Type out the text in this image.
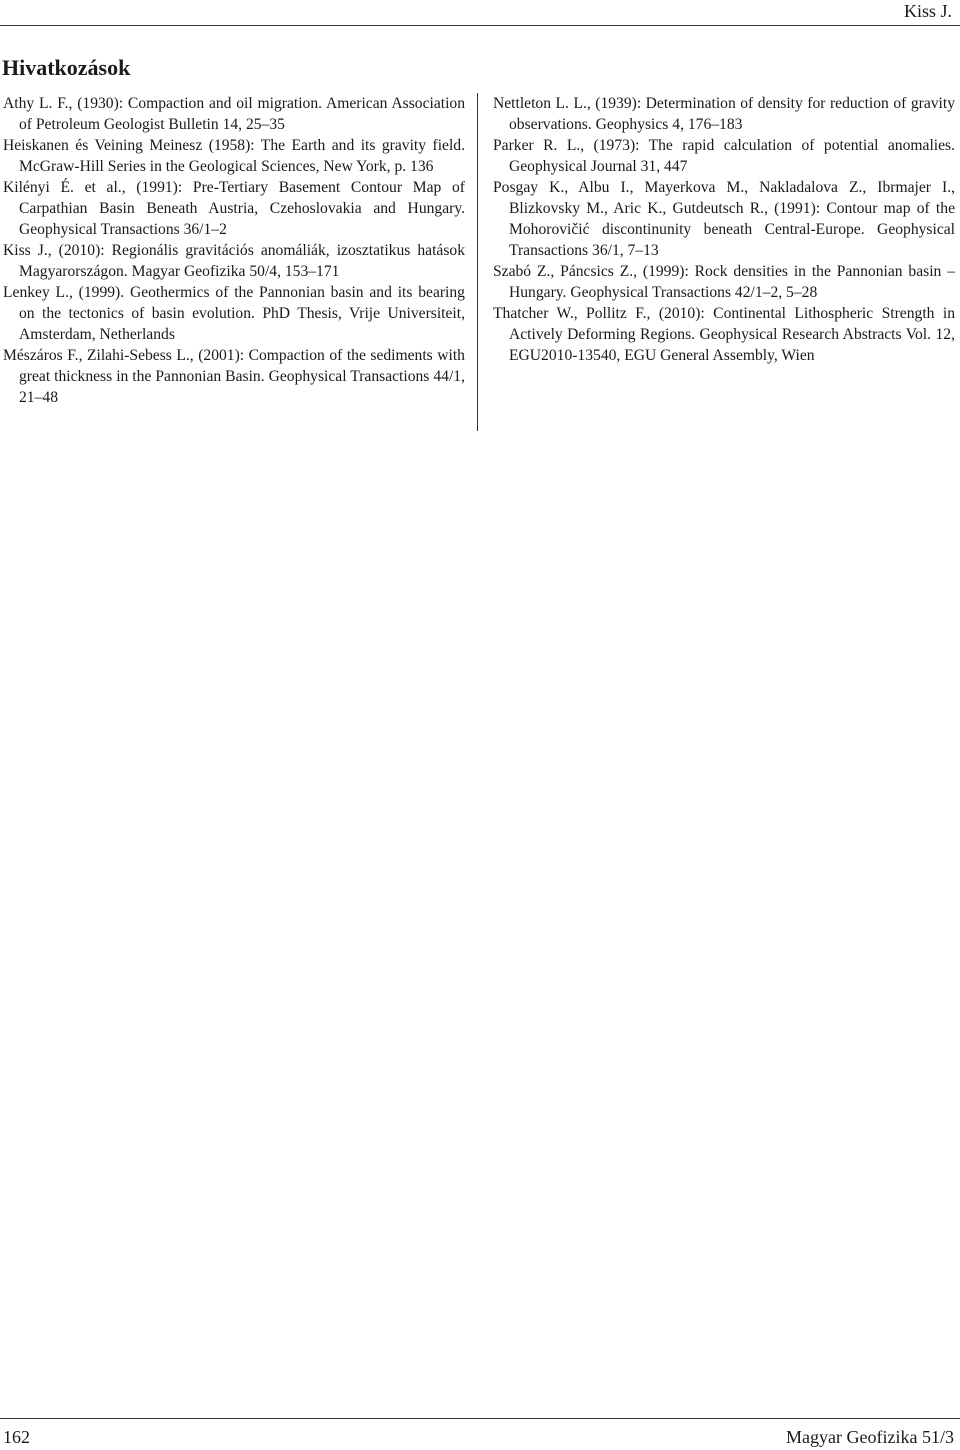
Kiss J.
Hivatkozások

Athy L. F., (1930): Compaction and oil migration. American Association of Petroleum Geologist Bulletin 14, 25–35

Heiskanen és Veining Meinesz (1958): The Earth and its gravity field. McGraw-Hill Series in the Geological Sciences, New York, p. 136

Kilényi É. et al., (1991): Pre-Tertiary Basement Contour Map of Carpathian Basin Beneath Austria, Czehoslovakia and Hungary. Geophysical Transactions 36/1–2

Kiss J., (2010): Regionális gravitációs anomáliák, izosztatikus hatások Magyarországon. Magyar Geofizika 50/4, 153–171

Lenkey L., (1999). Geothermics of the Pannonian basin and its bearing on the tectonics of basin evolution. PhD Thesis, Vrije Universiteit, Amsterdam, Netherlands

Mészáros F., Zilahi-Sebess L., (2001): Compaction of the sediments with great thickness in the Pannonian Basin. Geophysical Transactions 44/1, 21–48

Nettleton L. L., (1939): Determination of density for reduction of gravity observations. Geophysics 4, 176–183

Parker R. L., (1973): The rapid calculation of potential anomalies. Geophysical Journal 31, 447

Posgay K., Albu I., Mayerkova M., Nakladalova Z., Ibrmajer I., Blizkovsky M., Aric K., Gutdeutsch R., (1991): Contour map of the Mohorovičić discontinunity beneath Central-Europe. Geophysical Transactions 36/1, 7–13

Szabó Z., Páncsics Z., (1999): Rock densities in the Pannonian basin – Hungary. Geophysical Transactions 42/1–2, 5–28

Thatcher W., Pollitz F., (2010): Continental Lithospheric Strength in Actively Deforming Regions. Geophysical Research Abstracts Vol. 12, EGU2010-13540, EGU General Assembly, Wien

162	Magyar Geofizika 51/3
